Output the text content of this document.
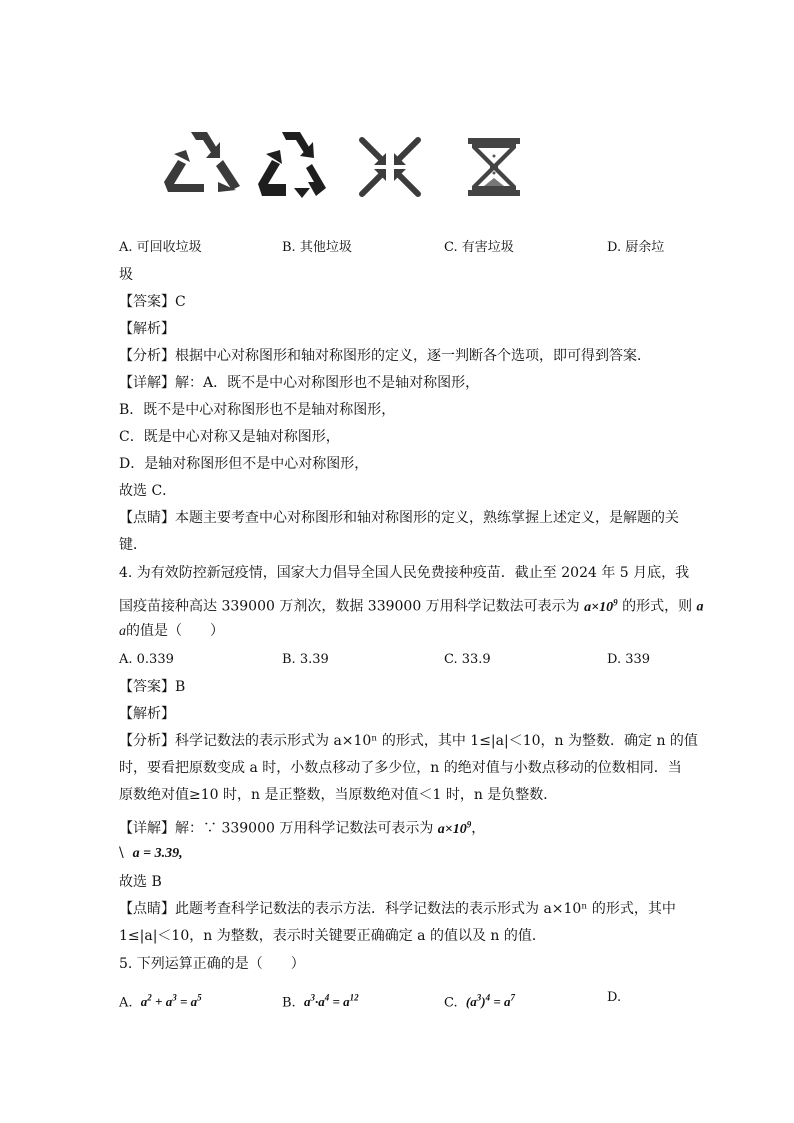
A. 可回收垃圾	B. 其他垃圾	C. 有害垃圾	D. 厨余垃
圾
【答案】C
【解析】
【分析】根据中心对称图形和轴对称图形的定义，逐一判断各个选项，即可得到答案．
【详解】解：A．既不是中心对称图形也不是轴对称图形，
B．既不是中心对称图形也不是轴对称图形，
C．既是中心对称又是轴对称图形，
D．是轴对称图形但不是中心对称图形，
故选 C．
【点睛】本题主要考查中心对称图形和轴对称图形的定义，熟练掌握上述定义，是解题的关
键．
4. 为有效防控新冠疫情，国家大力倡导全国人民免费接种疫苗．截止至 2024 年 5 月底，我
国疫苗接种高达 339000 万剂次，数据 339000 万用科学记数法可表示为 $a\times 10^9$ 的形式，则 a
a的值是（　　）
A. 0.339	B. 3.39	C. 33.9	D. 339
【答案】B
【解析】
【分析】科学记数法的表示形式为 a×10ⁿ 的形式，其中 1≤|a|＜10，n 为整数．确定 n 的值
时，要看把原数变成 a 时，小数点移动了多少位，n 的绝对值与小数点移动的位数相同．当
原数绝对值≥10 时，n 是正整数，当原数绝对值＜1 时，n 是负整数．
【详解】解：∵ 339000 万用科学记数法可表示为 $a\times 10^9$，
\ a = 3.39,
故选 B
【点睛】此题考查科学记数法的表示方法．科学记数法的表示形式为 a×10ⁿ 的形式，其中
1≤|a|＜10，n 为整数，表示时关键要正确确定 a 的值以及 n 的值．
5. 下列运算正确的是（　　）
A. $a^2 + a^3 = a^5$	B. $a^3\cdot a^4 = a^{12}$	C. $(a^3)^4 = a^7$	D.
